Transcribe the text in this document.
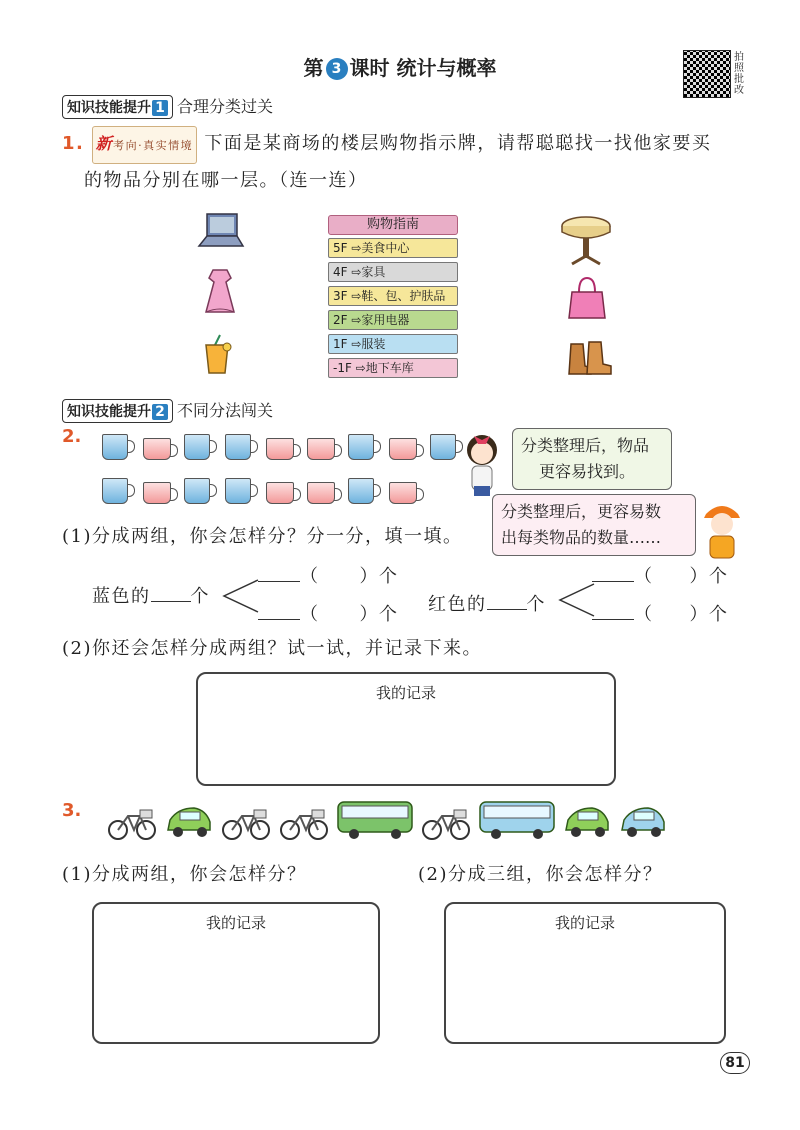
第 3 课时 统计与概率	拍照批改
知识技能提升 1 合理分类过关
1. 新考向·真实情境 下面是某商场的楼层购物指示牌，请帮聪聪找一找他家要买
的物品分别在哪一层。（连一连）
购物指南
5F ⇨美食中心
4F ⇨家具
3F ⇨鞋、包、护肤品
2F ⇨家用电器
1F ⇨服装
-1F ⇨地下车库
知识技能提升 2 不同分法闯关
2.	分类整理后，物品
更容易找到。
分类整理后，更容易数
出每类物品的数量……
(1)分成两组，你会怎样分？分一分，填一填。
蓝色的 个
（ ）个
（ ）个 红色的 个
（ ）个
（ ）个
(2)你还会怎样分成两组？试一试，并记录下来。
我的记录
3.
(1)分成两组，你会怎样分？	(2)分成三组，你会怎样分？
我的记录	我的记录
81
